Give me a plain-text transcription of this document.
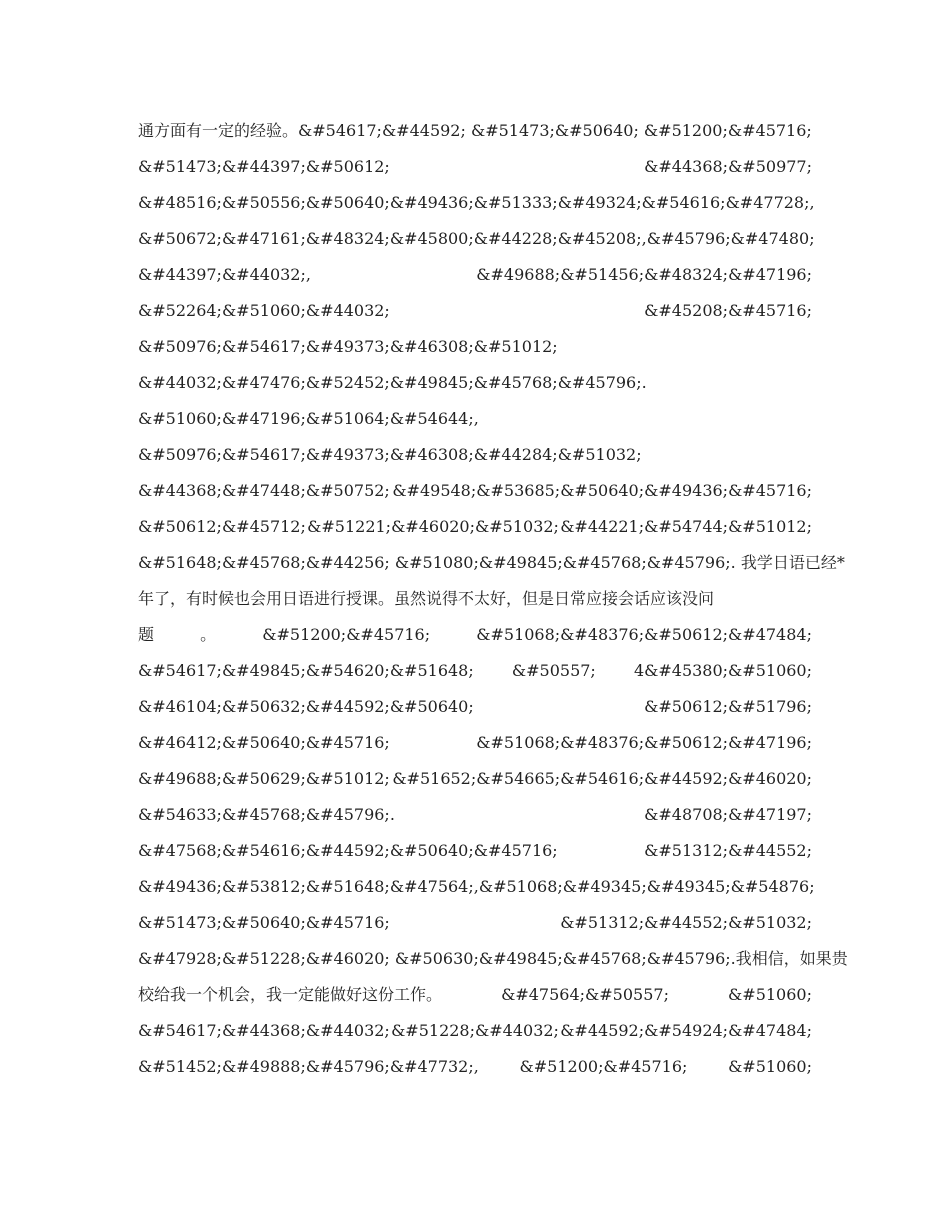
通方面有一定的经验。&#54617;&#44592; &#51473;&#50640; &#51200;&#45716;
&#51473;&#44397;&#50612;	&#44368;&#50977;
&#48516;&#50556;&#50640;&#49436; &#51333;&#49324;&#54616;&#47728;,
&#50672;&#47161;&#48324; &#45800;&#44228;&#45208;, &#45796;&#47480;
&#44397;&#44032;,	&#49688;&#51456;&#48324;&#47196;
&#52264;&#51060;&#44032;	&#45208;&#45716;
&#50976;&#54617;&#49373;&#46308;&#51012;
&#44032;&#47476;&#52452;&#49845;&#45768;&#45796;.
&#51060;&#47196;&#51064;&#54644;,
&#50976;&#54617;&#49373;&#46308;&#44284;&#51032;
&#44368;&#47448;&#50752; &#49548;&#53685;&#50640;&#49436;&#45716;
&#50612;&#45712; &#51221;&#46020;&#51032; &#44221;&#54744;&#51012;
&#51648;&#45768;&#44256; &#51080;&#49845;&#45768;&#45796;. 我学日语已经*
年了，有时候也会用日语进行授课。虽然说得不太好，但是日常应接会话应该没问
题	。	&#51200;&#45716;	&#51068;&#48376;&#50612;&#47484;
&#54617;&#49845;&#54620;&#51648; &#50557; 4&#45380;&#51060;
&#46104;&#50632;&#44592;&#50640;	&#50612;&#51796;
&#46412;&#50640;&#45716;	&#51068;&#48376;&#50612;&#47196;
&#49688;&#50629;&#51012; &#51652;&#54665;&#54616;&#44592;&#46020;
&#54633;&#45768;&#45796;.	&#48708;&#47197;
&#47568;&#54616;&#44592;&#50640;&#45716;	&#51312;&#44552;
&#49436;&#53812;&#51648;&#47564;, &#51068;&#49345; &#49345;&#54876;
&#51473;&#50640;&#45716;	&#51312;&#44552;&#51032;
&#47928;&#51228;&#46020; &#50630;&#49845;&#45768;&#45796;.我相信，如果贵
校给我一个机会，我一定能做好这份工作。	&#47564;&#50557;	&#51060;
&#54617;&#44368;&#44032; &#51228;&#44032; &#44592;&#54924;&#47484;
&#51452;&#49888;&#45796;&#47732;,	&#51200;&#45716;	&#51060;
